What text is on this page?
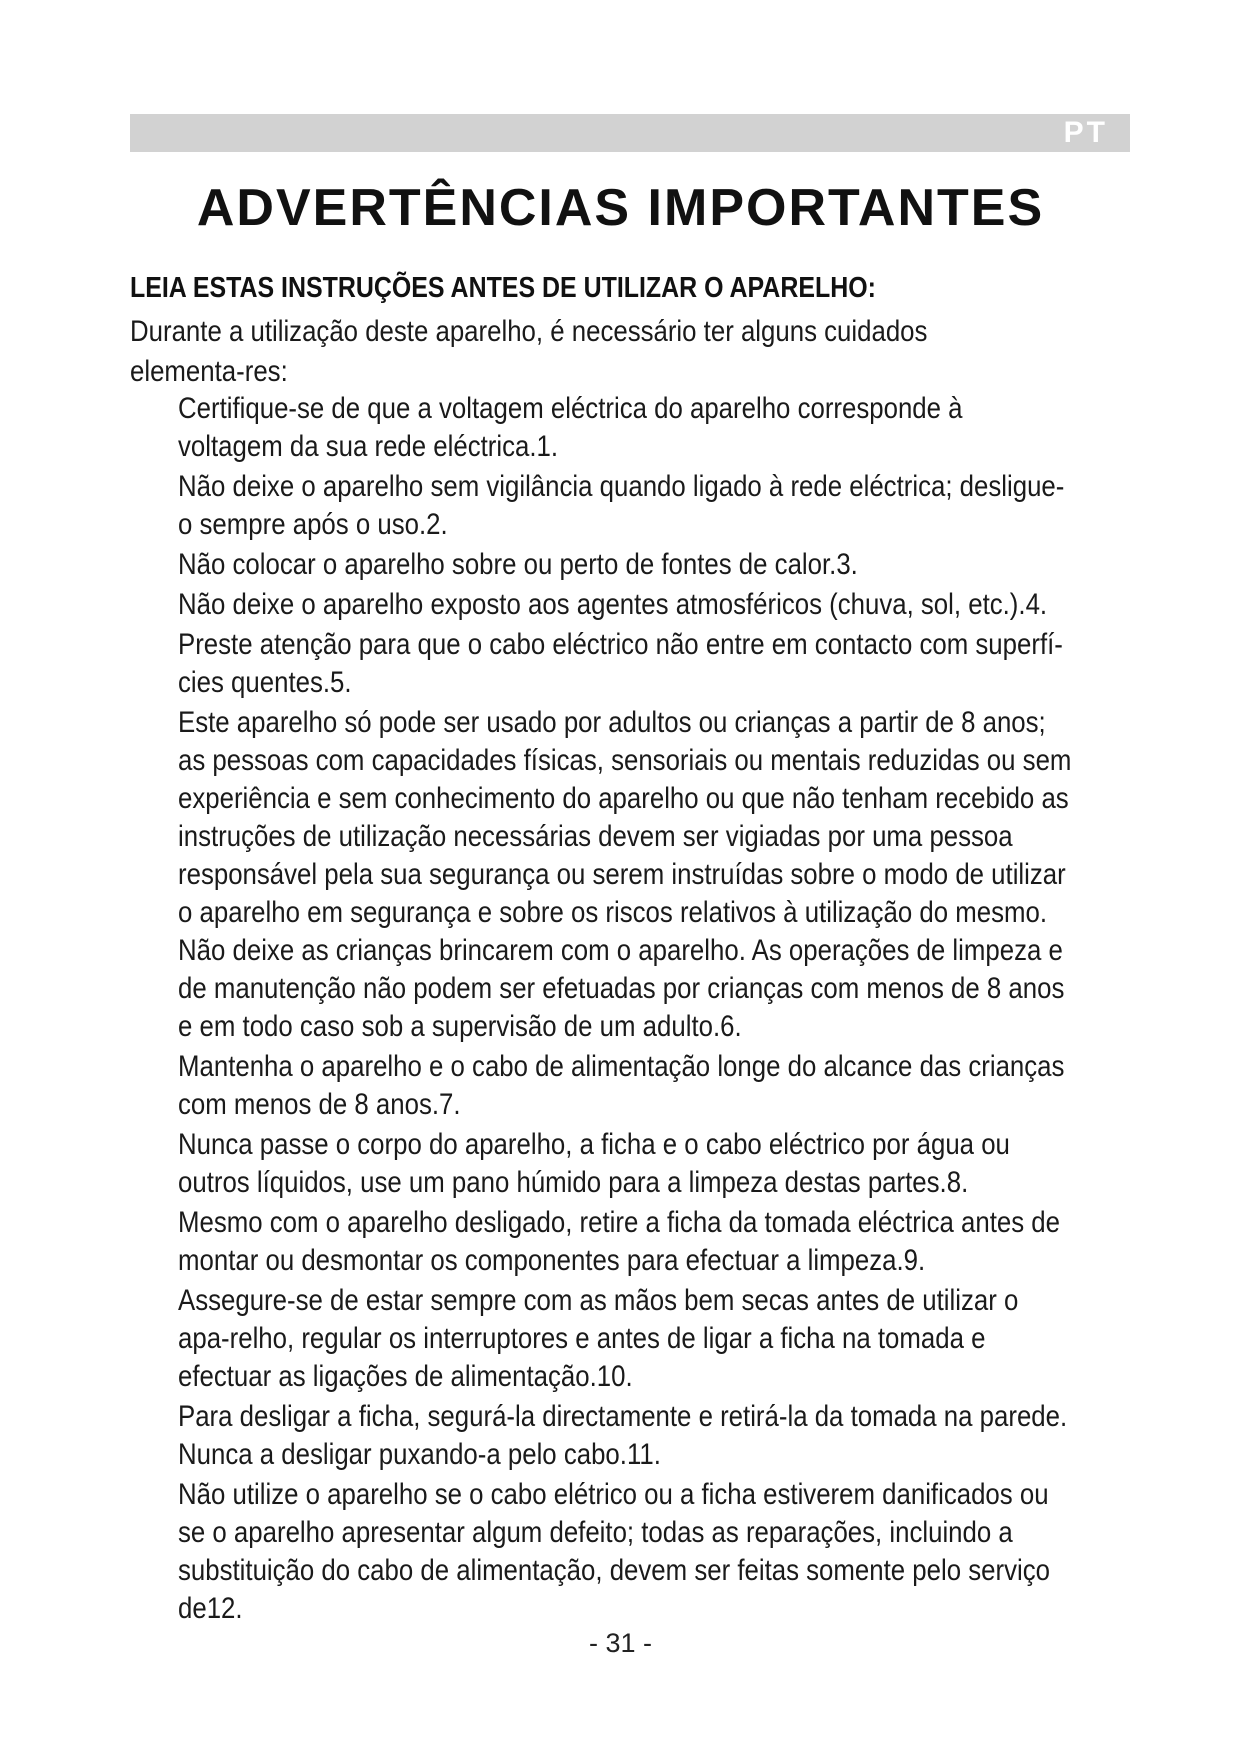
PT
ADVERTÊNCIAS IMPORTANTES
LEIA ESTAS INSTRUÇÕES ANTES DE UTILIZAR O APARELHO:
Durante a utilização deste aparelho, é necessário ter alguns cuidados elementa-res:
Certifique-se de que a voltagem eléctrica do aparelho corresponde à voltagem da sua rede eléctrica.1.
Não deixe o aparelho sem vigilância quando ligado à rede eléctrica; desligue-o sempre após o uso.2.
Não colocar o aparelho sobre ou perto de fontes de calor.3.
Não deixe o aparelho exposto aos agentes atmosféricos (chuva, sol, etc.).4.
Preste atenção para que o cabo eléctrico não entre em contacto com superfí-cies quentes.5.
Este aparelho só pode ser usado por adultos ou crianças a partir de 8 anos; as pessoas com capacidades físicas, sensoriais ou mentais reduzidas ou sem experiência e sem conhecimento do aparelho ou que não tenham recebido as instruções de utilização necessárias devem ser vigiadas por uma pessoa responsável pela sua segurança ou serem instruídas sobre o modo de utilizar o aparelho em segurança e sobre os riscos relativos à utilização do mesmo. Não deixe as crianças brincarem com o aparelho. As operações de limpeza e de manutenção não podem ser efetuadas por crianças com menos de 8 anos e em todo caso sob a supervisão de um adulto.6.
Mantenha o aparelho e o cabo de alimentação longe do alcance das crianças com menos de 8 anos.7.
Nunca passe o corpo do aparelho, a ficha e o cabo eléctrico por água ou outros líquidos, use um pano húmido para a limpeza destas partes.8.
Mesmo com o aparelho desligado, retire a ficha da tomada eléctrica antes de montar ou desmontar os componentes para efectuar a limpeza.9.
Assegure-se de estar sempre com as mãos bem secas antes de utilizar o apa-relho, regular os interruptores e antes de ligar a ficha na tomada e efectuar as ligações de alimentação.10.
Para desligar a ficha, segurá-la directamente e retirá-la da tomada na parede. Nunca a desligar puxando-a pelo cabo.11.
Não utilize o aparelho se o cabo elétrico ou a ficha estiverem danificados ou se o aparelho apresentar algum defeito; todas as reparações, incluindo a substituição do cabo de alimentação, devem ser feitas somente pelo serviço de12.
- 31 -
